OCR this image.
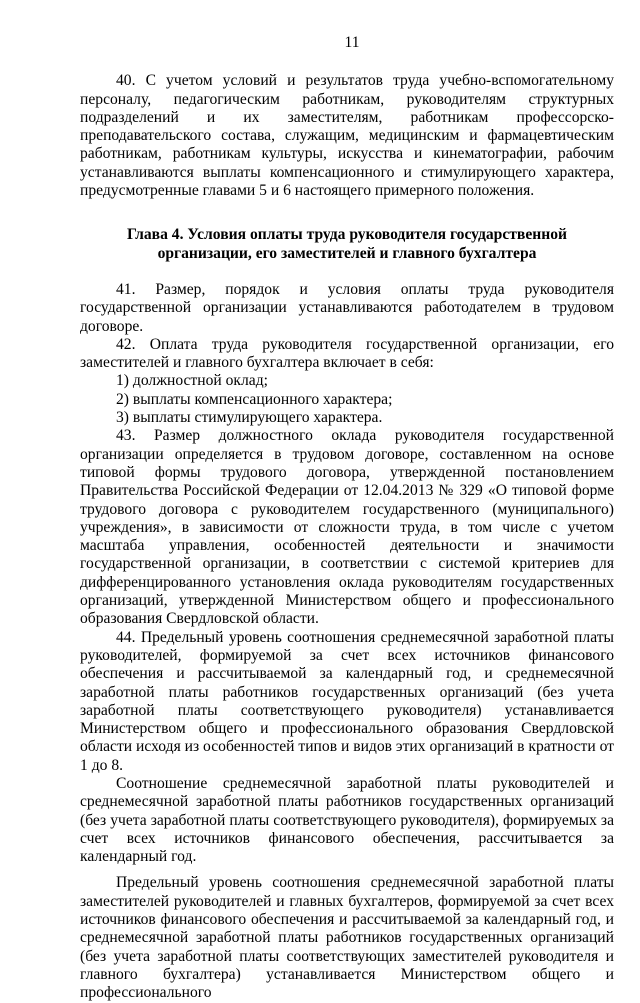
11

40. С учетом условий и результатов труда учебно-вспомогательному персоналу, педагогическим работникам, руководителям структурных подразделений и их заместителям, работникам профессорско-преподавательского состава, служащим, медицинским и фармацевтическим работникам, работникам культуры, искусства и кинематографии, рабочим устанавливаются выплаты компенсационного и стимулирующего характера, предусмотренные главами 5 и 6 настоящего примерного положения.

Глава 4. Условия оплаты труда руководителя государственной организации, его заместителей и главного бухгалтера

41. Размер, порядок и условия оплаты труда руководителя государственной организации устанавливаются работодателем в трудовом договоре.

42. Оплата труда руководителя государственной организации, его заместителей и главного бухгалтера включает в себя:

1) должностной оклад;

2) выплаты компенсационного характера;

3) выплаты стимулирующего характера.

43. Размер должностного оклада руководителя государственной организации определяется в трудовом договоре, составленном на основе типовой формы трудового договора, утвержденной постановлением Правительства Российской Федерации от 12.04.2013 № 329 «О типовой форме трудового договора с руководителем государственного (муниципального) учреждения», в зависимости от сложности труда, в том числе с учетом масштаба управления, особенностей деятельности и значимости государственной организации, в соответствии с системой критериев для дифференцированного установления оклада руководителям государственных организаций, утвержденной Министерством общего и профессионального образования Свердловской области.

44. Предельный уровень соотношения среднемесячной заработной платы руководителей, формируемой за счет всех источников финансового обеспечения и рассчитываемой за календарный год, и среднемесячной заработной платы работников государственных организаций (без учета заработной платы соответствующего руководителя) устанавливается Министерством общего и профессионального образования Свердловской области исходя из особенностей типов и видов этих организаций в кратности от 1 до 8.

Соотношение среднемесячной заработной платы руководителей и среднемесячной заработной платы работников государственных организаций (без учета заработной платы соответствующего руководителя), формируемых за счет всех источников финансового обеспечения, рассчитывается за календарный год.

Предельный уровень соотношения среднемесячной заработной платы заместителей руководителей и главных бухгалтеров, формируемой за счет всех источников финансового обеспечения и рассчитываемой за календарный год, и среднемесячной заработной платы работников государственных организаций (без учета заработной платы соответствующих заместителей руководителя и главного бухгалтера) устанавливается Министерством общего и профессионального
